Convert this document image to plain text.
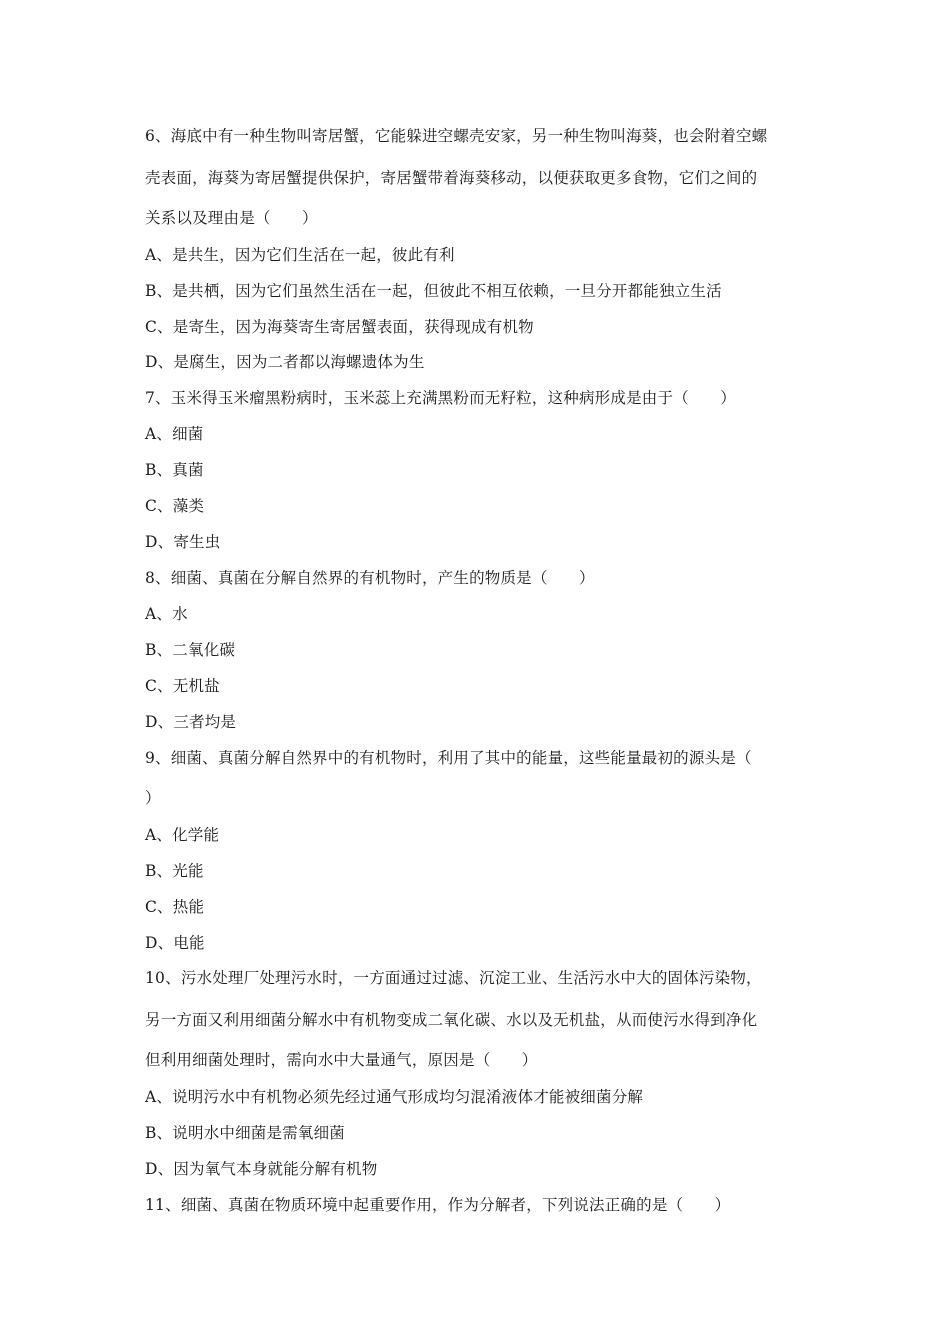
6、海底中有一种生物叫寄居蟹，它能躲进空螺壳安家，另一种生物叫海葵，也会附着空螺
壳表面，海葵为寄居蟹提供保护，寄居蟹带着海葵移动，以便获取更多食物，它们之间的
关系以及理由是（　　）
A、是共生，因为它们生活在一起，彼此有利
B、是共栖，因为它们虽然生活在一起，但彼此不相互依赖，一旦分开都能独立生活
C、是寄生，因为海葵寄生寄居蟹表面，获得现成有机物
D、是腐生，因为二者都以海螺遗体为生
7、玉米得玉米瘤黑粉病时，玉米蕊上充满黑粉而无籽粒，这种病形成是由于（　　）
A、细菌
B、真菌
C、藻类
D、寄生虫
8、细菌、真菌在分解自然界的有机物时，产生的物质是（　　）
A、水
B、二氧化碳
C、无机盐
D、三者均是
9、细菌、真菌分解自然界中的有机物时，利用了其中的能量，这些能量最初的源头是（
）
A、化学能
B、光能
C、热能
D、电能
10、污水处理厂处理污水时，一方面通过过滤、沉淀工业、生活污水中大的固体污染物，
另一方面又利用细菌分解水中有机物变成二氧化碳、水以及无机盐，从而使污水得到净化
但利用细菌处理时，需向水中大量通气，原因是（　　）
A、说明污水中有机物必须先经过通气形成均匀混淆液体才能被细菌分解
B、说明水中细菌是需氧细菌
D、因为氧气本身就能分解有机物
11、细菌、真菌在物质环境中起重要作用，作为分解者，下列说法正确的是（　　）
